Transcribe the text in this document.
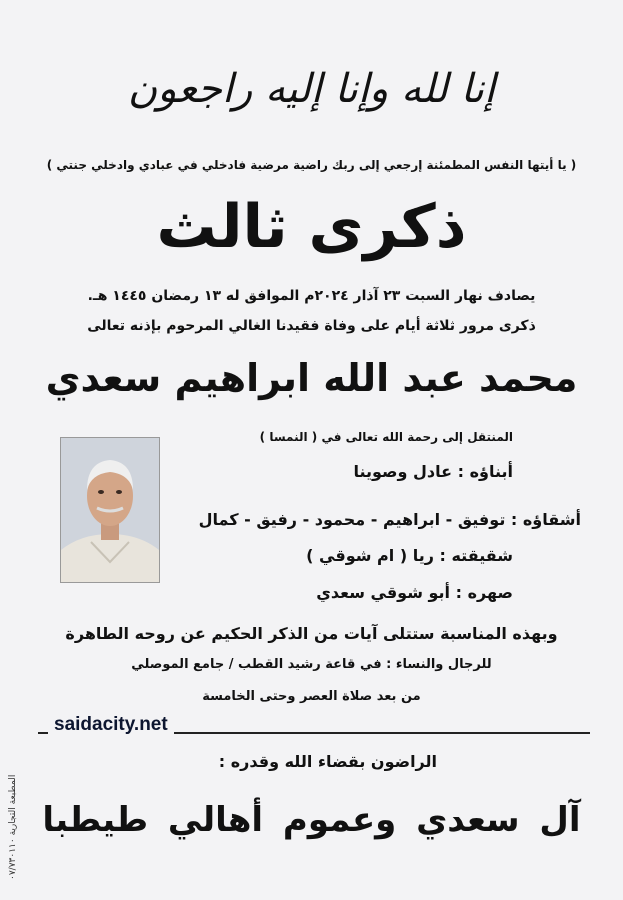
إنا لله وإنا إليه راجعون
( يا أيتها النفس المطمئنة إرجعي إلى ربك راضية مرضية فادخلي في عبادي وادخلي جنتي )
ذكرى ثالث
يصادف نهار السبت ٢٣ آذار ٢٠٢٤م الموافق له ١٣ رمضان ١٤٤٥ هـ.
ذكرى مرور ثلاثة أيام على وفاة فقيدنا الغالي المرحوم بإذنه تعالى
محمد عبد الله ابراهيم سعدي
المنتقل إلى رحمة الله تعالى في ( النمسا )
أبناؤه : عادل وصوينا
أشقاؤه : توفيق - ابراهيم - محمود - رفيق - كمال
شقيقته : ريا ( ام شوقي )
صهره : أبو شوقي سعدي
وبهذه المناسبة ستتلى آيات من الذكر الحكيم عن روحه الطاهرة
للرجال والنساء : في قاعة رشيد القطب / جامع الموصلي
من بعد صلاة العصر وحتى الخامسة
saidacity.net
الراضون بقضاء الله وقدره :
آل سعدي وعموم أهالي طيطبا
المطبعة التجارية ٠٧/٧٣٠١١٠
